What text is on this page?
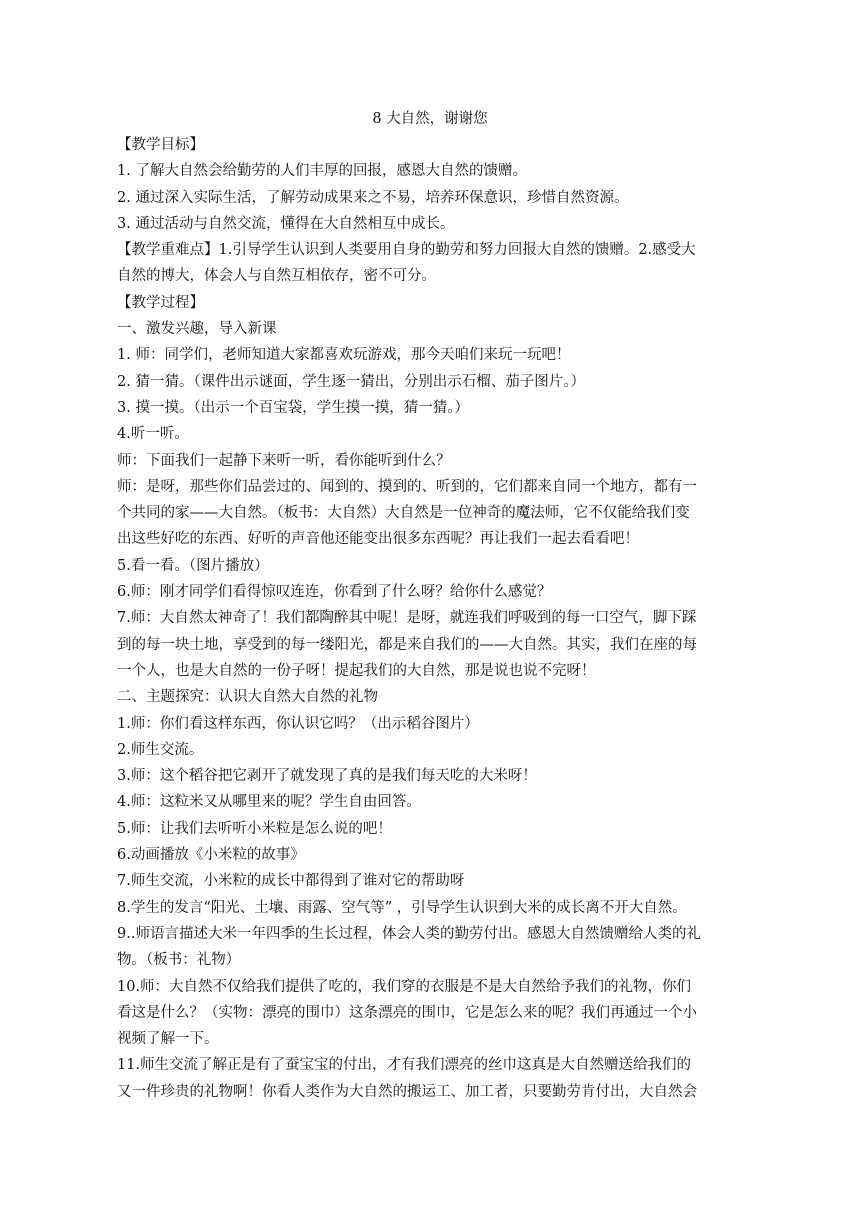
8 大自然，谢谢您
【教学目标】
1. 了解大自然会给勤劳的人们丰厚的回报，感恩大自然的馈赠。
2. 通过深入实际生活，了解劳动成果来之不易，培养环保意识，珍惜自然资源。
3. 通过活动与自然交流，懂得在大自然相互中成长。
【教学重难点】1.引导学生认识到人类要用自身的勤劳和努力回报大自然的馈赠。2.感受大
自然的博大，体会人与自然互相依存，密不可分。
【教学过程】
一、激发兴趣，导入新课
1. 师：同学们，老师知道大家都喜欢玩游戏，那今天咱们来玩一玩吧！
2. 猜一猜。（课件出示谜面，学生逐一猜出，分别出示石榴、茄子图片。）
3. 摸一摸。（出示一个百宝袋，学生摸一摸，猜一猜。）
4.听一听。
师：下面我们一起静下来听一听，看你能听到什么？
师：是呀，那些你们品尝过的、闻到的、摸到的、听到的，它们都来自同一个地方，都有一
个共同的家——大自然。（板书：大自然）大自然是一位神奇的魔法师，它不仅能给我们变
出这些好吃的东西、好听的声音他还能变出很多东西呢？再让我们一起去看看吧！
5.看一看。（图片播放）
6.师：刚才同学们看得惊叹连连，你看到了什么呀？给你什么感觉？
7.师：大自然太神奇了！我们都陶醉其中呢！是呀，就连我们呼吸到的每一口空气，脚下踩
到的每一块土地，享受到的每一缕阳光，都是来自我们的——大自然。其实，我们在座的每
一个人，也是大自然的一份子呀！提起我们的大自然，那是说也说不完呀！
二、主题探究：认识大自然大自然的礼物
1.师：你们看这样东西，你认识它吗？（出示稻谷图片）
2.师生交流。
3.师：这个稻谷把它剥开了就发现了真的是我们每天吃的大米呀！
4.师：这粒米又从哪里来的呢？学生自由回答。
5.师：让我们去听听小米粒是怎么说的吧！
6.动画播放《小米粒的故事》
7.师生交流，小米粒的成长中都得到了谁对它的帮助呀
8.学生的发言“阳光、土壤、雨露、空气等” ，引导学生认识到大米的成长离不开大自然。
9..师语言描述大米一年四季的生长过程，体会人类的勤劳付出。感恩大自然馈赠给人类的礼
物。（板书：礼物）
10.师：大自然不仅给我们提供了吃的，我们穿的衣服是不是大自然给予我们的礼物，你们
看这是什么？（实物：漂亮的围巾）这条漂亮的围巾，它是怎么来的呢？我们再通过一个小
视频了解一下。
11.师生交流了解正是有了蚕宝宝的付出，才有我们漂亮的丝巾这真是大自然赠送给我们的
又一件珍贵的礼物啊！你看人类作为大自然的搬运工、加工者，只要勤劳肯付出，大自然会
